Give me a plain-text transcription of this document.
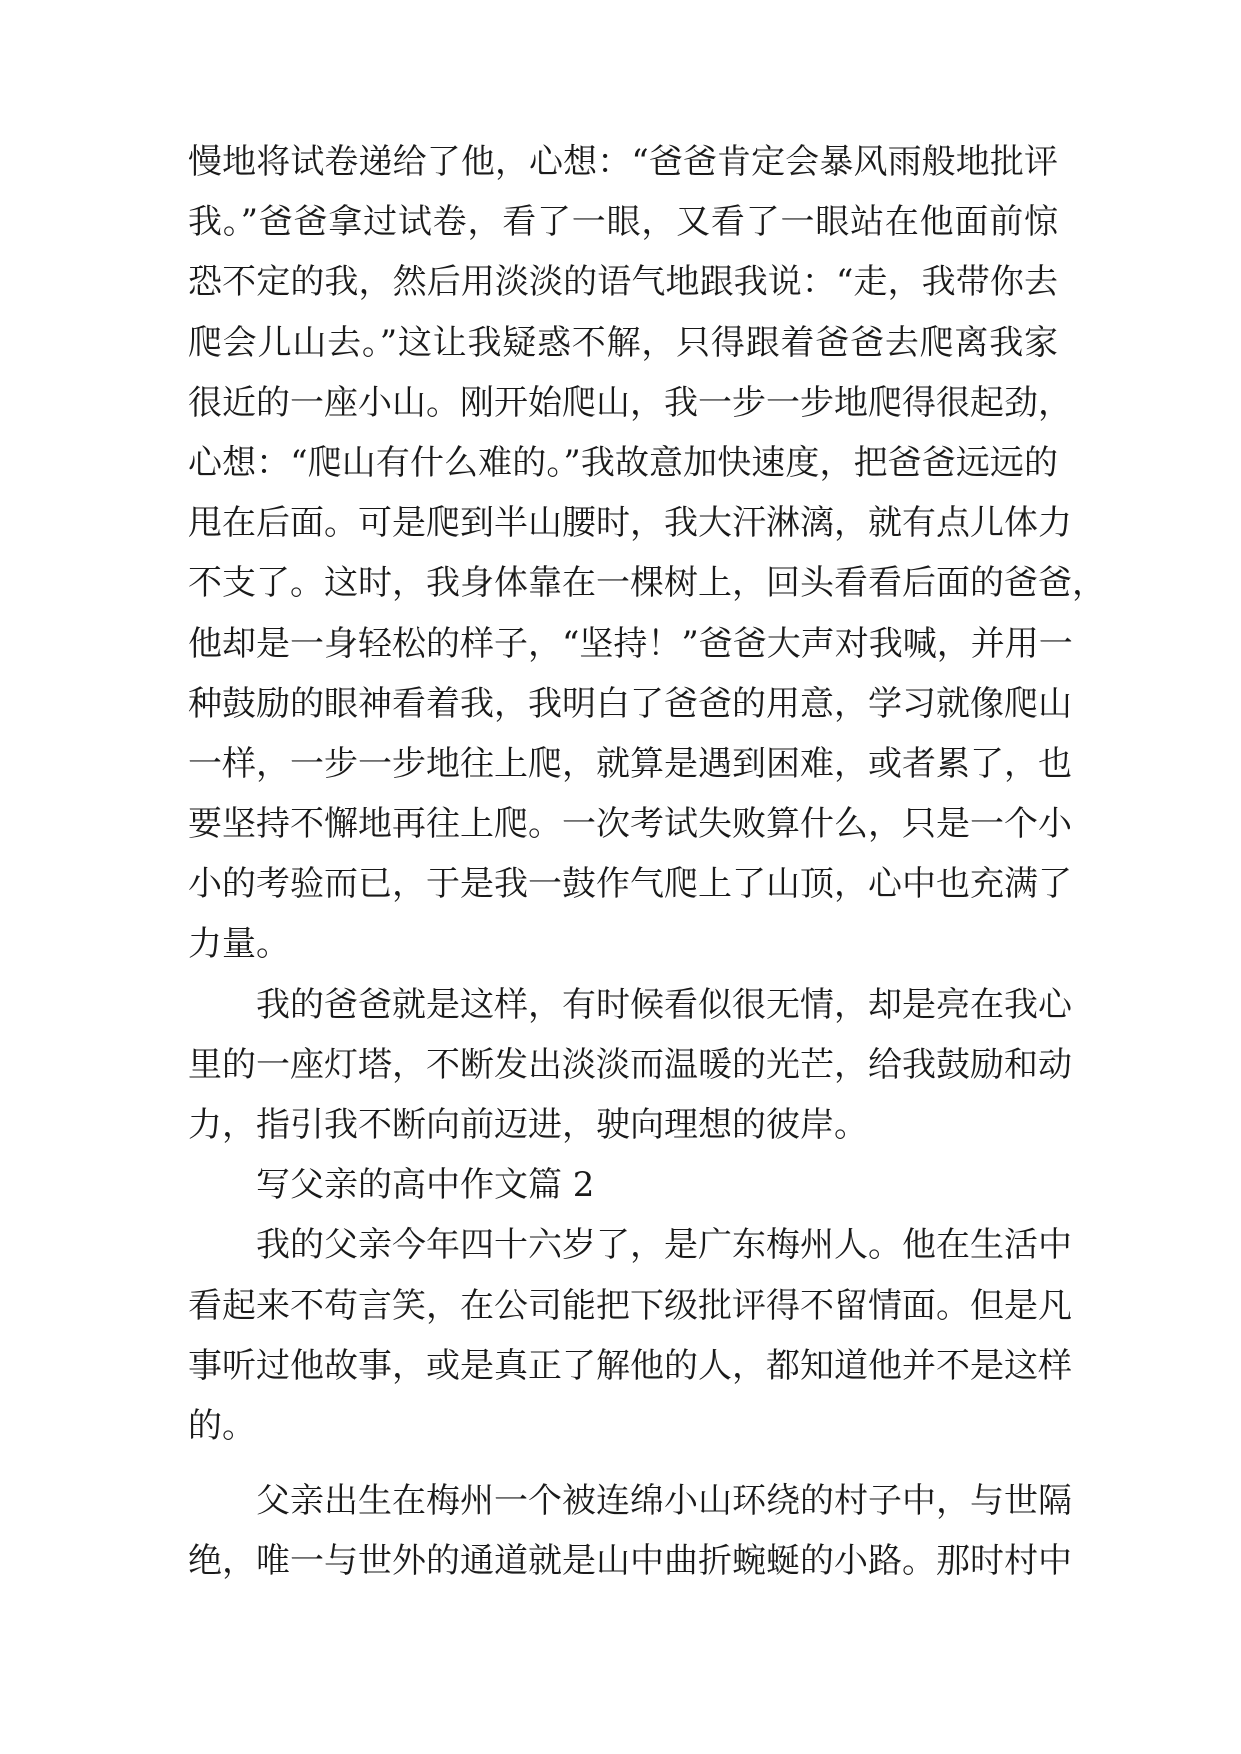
慢地将试卷递给了他，心想：“爸爸肯定会暴风雨般地批评
我。”爸爸拿过试卷，看了一眼，又看了一眼站在他面前惊
恐不定的我，然后用淡淡的语气地跟我说：“走，我带你去
爬会儿山去。”这让我疑惑不解，只得跟着爸爸去爬离我家
很近的一座小山。刚开始爬山，我一步一步地爬得很起劲，
心想：“爬山有什么难的。”我故意加快速度，把爸爸远远的
甩在后面。可是爬到半山腰时，我大汗淋漓，就有点儿体力
不支了。这时，我身体靠在一棵树上，回头看看后面的爸爸，
他却是一身轻松的样子，“坚持！”爸爸大声对我喊，并用一
种鼓励的眼神看着我，我明白了爸爸的用意，学习就像爬山
一样，一步一步地往上爬，就算是遇到困难，或者累了，也
要坚持不懈地再往上爬。一次考试失败算什么，只是一个小
小的考验而已，于是我一鼓作气爬上了山顶，心中也充满了
力量。
我的爸爸就是这样，有时候看似很无情，却是亮在我心
里的一座灯塔，不断发出淡淡而温暖的光芒，给我鼓励和动
力，指引我不断向前迈进，驶向理想的彼岸。
写父亲的高中作文篇 2
我的父亲今年四十六岁了，是广东梅州人。他在生活中
看起来不苟言笑，在公司能把下级批评得不留情面。但是凡
事听过他故事，或是真正了解他的人，都知道他并不是这样
的。
父亲出生在梅州一个被连绵小山环绕的村子中，与世隔
绝，唯一与世外的通道就是山中曲折蜿蜒的小路。那时村中
